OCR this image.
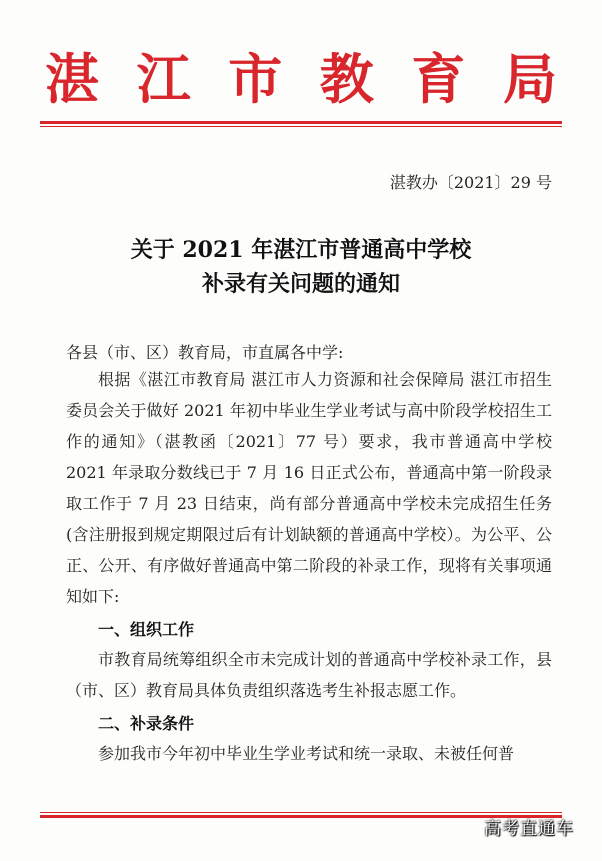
湛 江 市 教 育 局
湛教办〔2021〕29 号
关于 2021 年湛江市普通高中学校
补录有关问题的通知
各县（市、区）教育局，市直属各中学:
根据《湛江市教育局 湛江市人力资源和社会保障局 湛江市招生委员会关于做好 2021 年初中毕业生学业考试与高中阶段学校招生工作的通知》（湛教函〔2021〕77 号）要求，我市普通高中学校 2021 年录取分数线已于 7 月 16 日正式公布，普通高中第一阶段录取工作于 7 月 23 日结束，尚有部分普通高中学校未完成招生任务(含注册报到规定期限过后有计划缺额的普通高中学校）。为公平、公正、公开、有序做好普通高中第二阶段的补录工作，现将有关事项通知如下:
一、组织工作
市教育局统筹组织全市未完成计划的普通高中学校补录工作，县（市、区）教育局具体负责组织落选考生补报志愿工作。
二、补录条件
参加我市今年初中毕业生学业考试和统一录取、未被任何普
高考直通车
